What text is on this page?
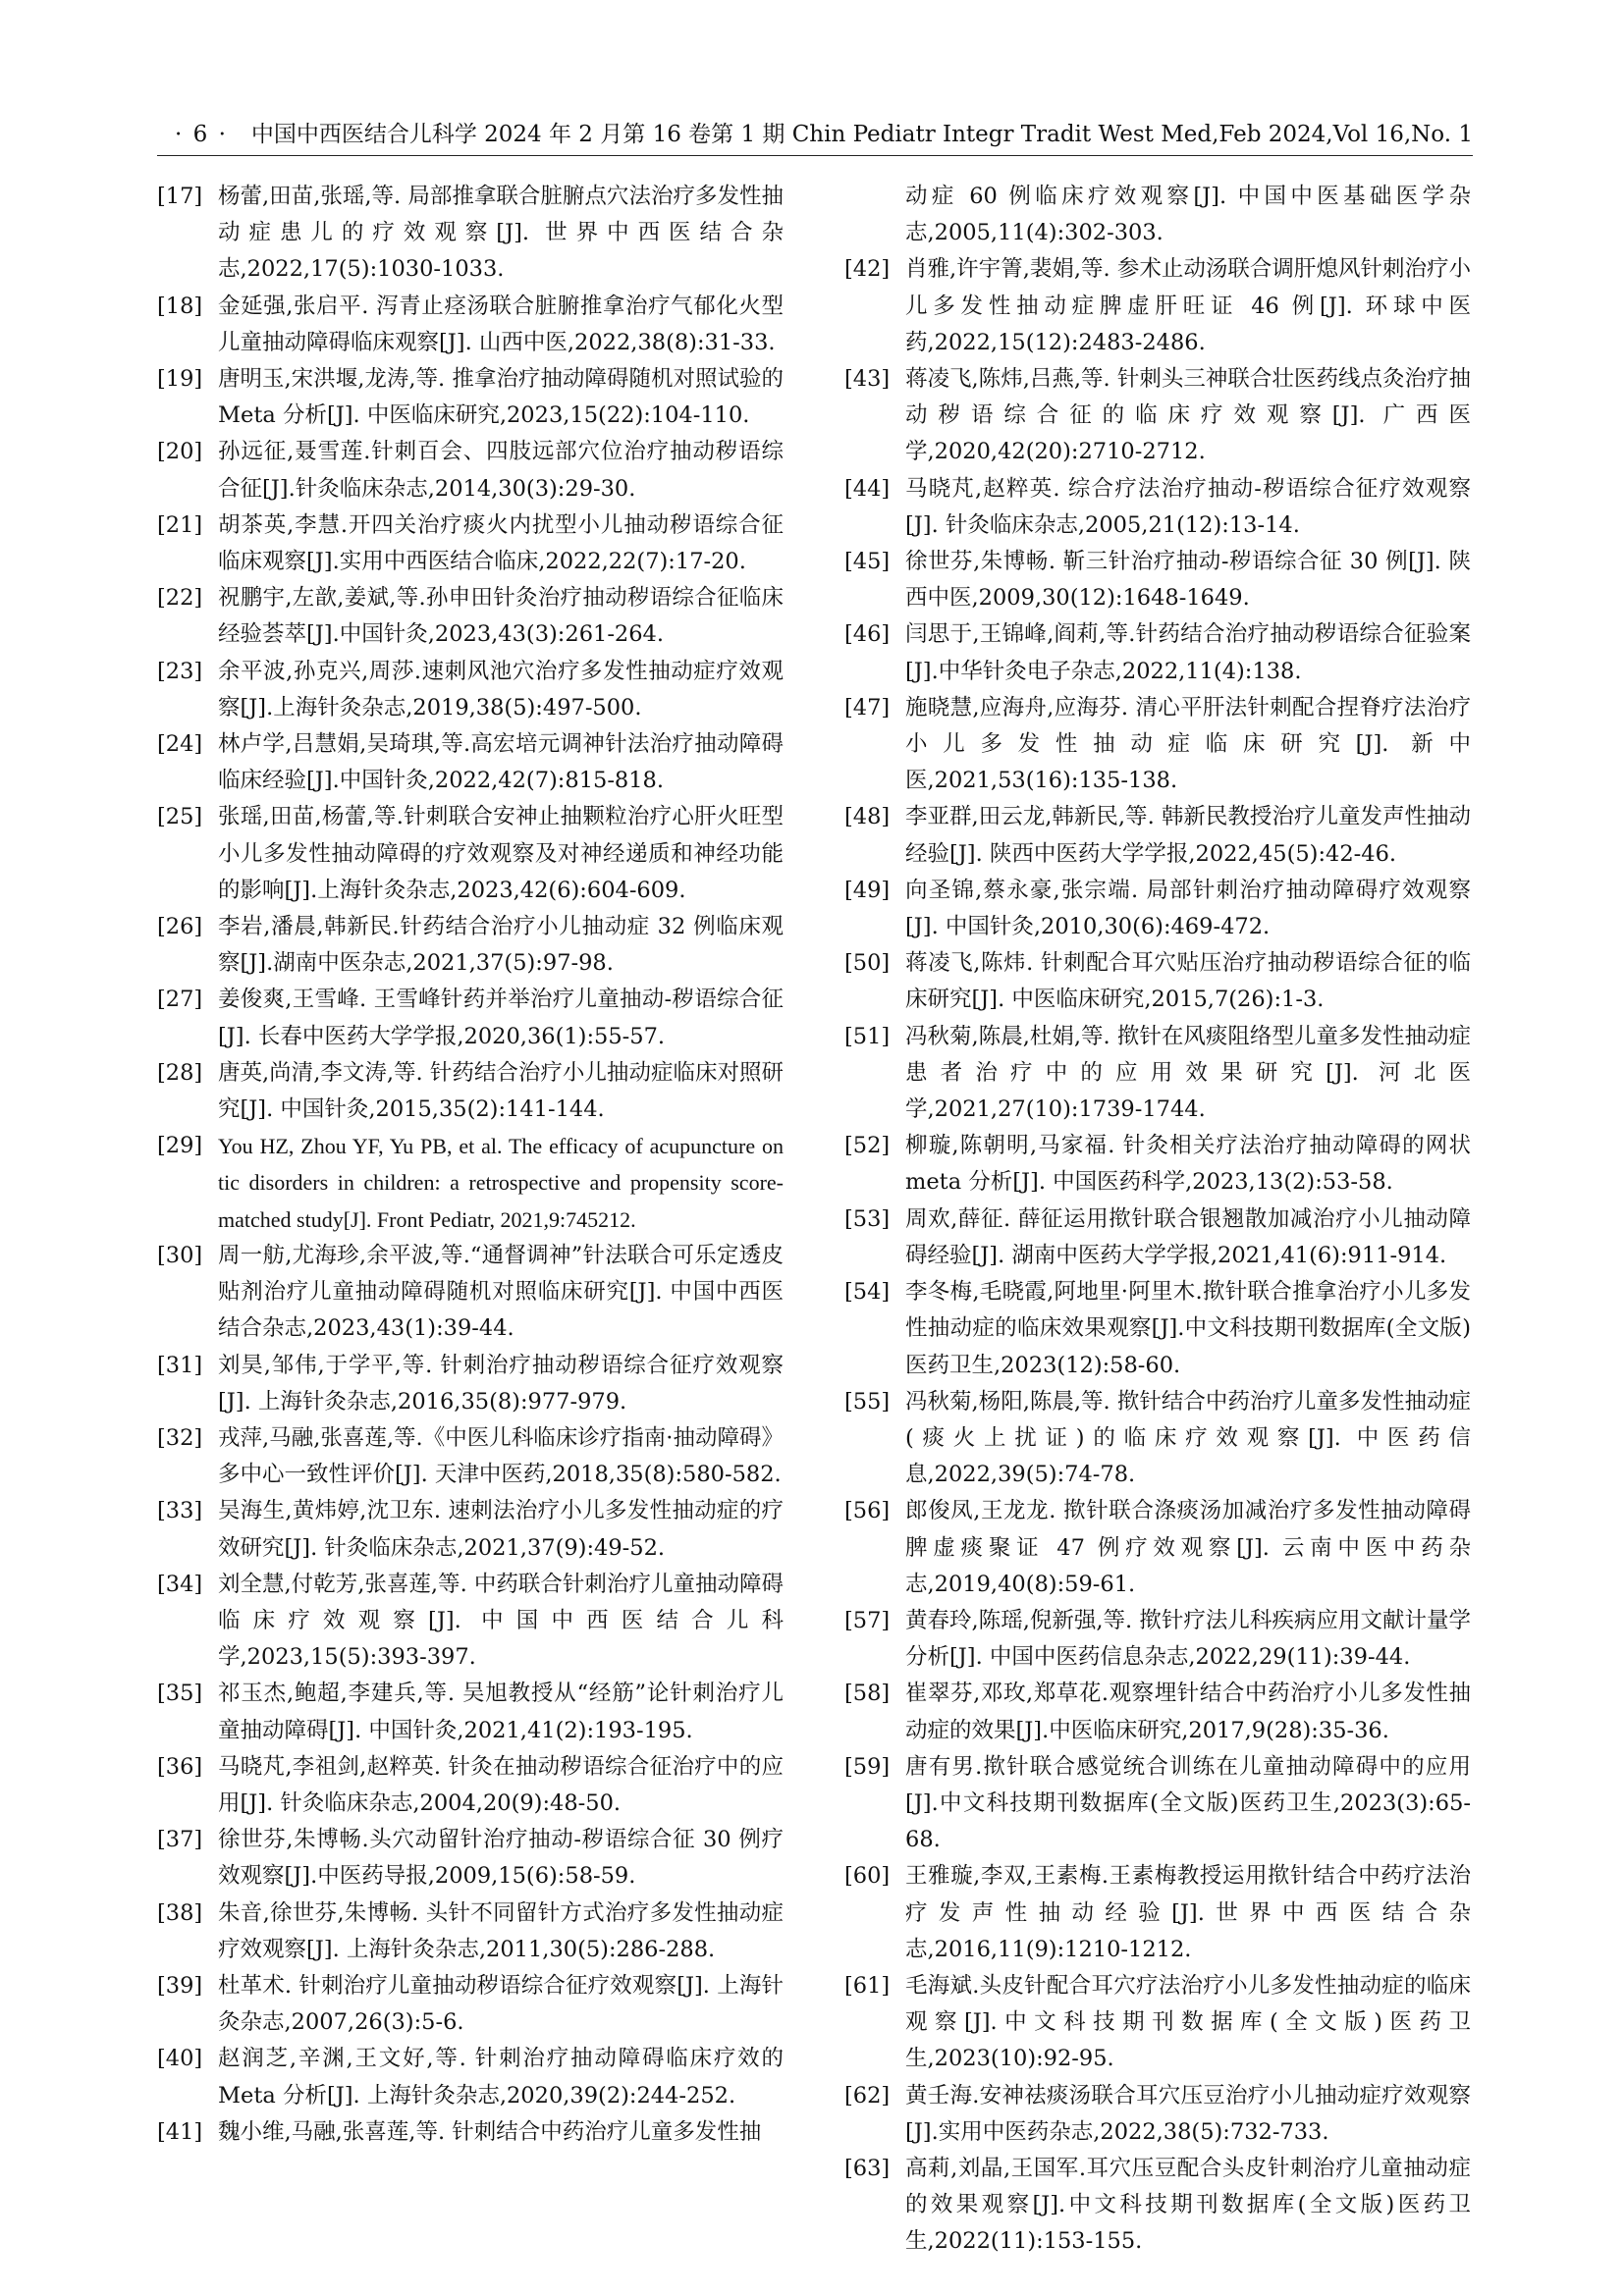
· 6 · 中国中西医结合儿科学 2024 年 2 月第 16 卷第 1 期 Chin Pediatr Integr Tradit West Med,Feb 2024,Vol 16,No. 1
[17] 杨蕾,田苗,张瑶,等. 局部推拿联合脏腑点穴法治疗多发性抽动症患儿的疗效观察[J]. 世界中西医结合杂志,2022,17(5):1030-1033.
[18] 金延强,张启平. 泻青止痉汤联合脏腑推拿治疗气郁化火型儿童抽动障碍临床观察[J]. 山西中医,2022,38(8):31-33.
[19] 唐明玉,宋洪堰,龙涛,等. 推拿治疗抽动障碍随机对照试验的 Meta 分析[J]. 中医临床研究,2023,15(22):104-110.
[20] 孙远征,聂雪莲.针刺百会、四肢远部穴位治疗抽动秽语综合征[J].针灸临床杂志,2014,30(3):29-30.
[21] 胡茶英,李慧.开四关治疗痰火内扰型小儿抽动秽语综合征临床观察[J].实用中西医结合临床,2022,22(7):17-20.
[22] 祝鹏宇,左歆,姜斌,等.孙申田针灸治疗抽动秽语综合征临床经验荟萃[J].中国针灸,2023,43(3):261-264.
[23] 余平波,孙克兴,周莎.速刺风池穴治疗多发性抽动症疗效观察[J].上海针灸杂志,2019,38(5):497-500.
[24] 林卢学,吕慧娟,吴琦琪,等.高宏培元调神针法治疗抽动障碍临床经验[J].中国针灸,2022,42(7):815-818.
[25] 张瑶,田苗,杨蕾,等.针刺联合安神止抽颗粒治疗心肝火旺型小儿多发性抽动障碍的疗效观察及对神经递质和神经功能的影响[J].上海针灸杂志,2023,42(6):604-609.
[26] 李岩,潘晨,韩新民.针药结合治疗小儿抽动症 32 例临床观察[J].湖南中医杂志,2021,37(5):97-98.
[27] 姜俊爽,王雪峰. 王雪峰针药并举治疗儿童抽动-秽语综合征[J]. 长春中医药大学学报,2020,36(1):55-57.
[28] 唐英,尚清,李文涛,等. 针药结合治疗小儿抽动症临床对照研究[J]. 中国针灸,2015,35(2):141-144.
[29] You HZ, Zhou YF, Yu PB, et al. The efficacy of acupuncture on tic disorders in children: a retrospective and propensity score-matched study[J]. Front Pediatr, 2021,9:745212.
[30] 周一舫,尤海珍,余平波,等.“通督调神”针法联合可乐定透皮贴剂治疗儿童抽动障碍随机对照临床研究[J]. 中国中西医结合杂志,2023,43(1):39-44.
[31] 刘昊,邹伟,于学平,等. 针刺治疗抽动秽语综合征疗效观察[J]. 上海针灸杂志,2016,35(8):977-979.
[32] 戎萍,马融,张喜莲,等.《中医儿科临床诊疗指南·抽动障碍》多中心一致性评价[J]. 天津中医药,2018,35(8):580-582.
[33] 吴海生,黄炜婷,沈卫东. 速刺法治疗小儿多发性抽动症的疗效研究[J]. 针灸临床杂志,2021,37(9):49-52.
[34] 刘全慧,付乾芳,张喜莲,等. 中药联合针刺治疗儿童抽动障碍临床疗效观察[J]. 中国中西医结合儿科学,2023,15(5):393-397.
[35] 祁玉杰,鲍超,李建兵,等. 吴旭教授从“经筋”论针刺治疗儿童抽动障碍[J]. 中国针灸,2021,41(2):193-195.
[36] 马晓芃,李祖剑,赵粹英. 针灸在抽动秽语综合征治疗中的应用[J]. 针灸临床杂志,2004,20(9):48-50.
[37] 徐世芬,朱博畅.头穴动留针治疗抽动-秽语综合征 30 例疗效观察[J].中医药导报,2009,15(6):58-59.
[38] 朱音,徐世芬,朱博畅. 头针不同留针方式治疗多发性抽动症疗效观察[J]. 上海针灸杂志,2011,30(5):286-288.
[39] 杜革术. 针刺治疗儿童抽动秽语综合征疗效观察[J]. 上海针灸杂志,2007,26(3):5-6.
[40] 赵润芝,辛渊,王文好,等. 针刺治疗抽动障碍临床疗效的 Meta 分析[J]. 上海针灸杂志,2020,39(2):244-252.
[41] 魏小维,马融,张喜莲,等. 针刺结合中药治疗儿童多发性抽
动症 60 例临床疗效观察[J]. 中国中医基础医学杂志,2005,11(4):302-303.
[42] 肖雅,许宇箐,裴娟,等. 参术止动汤联合调肝熄风针刺治疗小儿多发性抽动症脾虚肝旺证 46 例[J]. 环球中医药,2022,15(12):2483-2486.
[43] 蒋凌飞,陈炜,吕燕,等. 针刺头三神联合壮医药线点灸治疗抽动秽语综合征的临床疗效观察[J]. 广西医学,2020,42(20):2710-2712.
[44] 马晓芃,赵粹英. 综合疗法治疗抽动-秽语综合征疗效观察[J]. 针灸临床杂志,2005,21(12):13-14.
[45] 徐世芬,朱博畅. 靳三针治疗抽动-秽语综合征 30 例[J]. 陕西中医,2009,30(12):1648-1649.
[46] 闫思于,王锦峰,阎莉,等.针药结合治疗抽动秽语综合征验案[J].中华针灸电子杂志,2022,11(4):138.
[47] 施晓慧,应海舟,应海芬. 清心平肝法针刺配合捏脊疗法治疗小儿多发性抽动症临床研究[J]. 新中医,2021,53(16):135-138.
[48] 李亚群,田云龙,韩新民,等. 韩新民教授治疗儿童发声性抽动经验[J]. 陕西中医药大学学报,2022,45(5):42-46.
[49] 向圣锦,蔡永豪,张宗端. 局部针刺治疗抽动障碍疗效观察[J]. 中国针灸,2010,30(6):469-472.
[50] 蒋凌飞,陈炜. 针刺配合耳穴贴压治疗抽动秽语综合征的临床研究[J]. 中医临床研究,2015,7(26):1-3.
[51] 冯秋菊,陈晨,杜娟,等. 揿针在风痰阻络型儿童多发性抽动症患者治疗中的应用效果研究[J]. 河北医学,2021,27(10):1739-1744.
[52] 柳璇,陈朝明,马家福. 针灸相关疗法治疗抽动障碍的网状 meta 分析[J]. 中国医药科学,2023,13(2):53-58.
[53] 周欢,薛征. 薛征运用揿针联合银翘散加减治疗小儿抽动障碍经验[J]. 湖南中医药大学学报,2021,41(6):911-914.
[54] 李冬梅,毛晓霞,阿地里·阿里木.揿针联合推拿治疗小儿多发性抽动症的临床效果观察[J].中文科技期刊数据库(全文版)医药卫生,2023(12):58-60.
[55] 冯秋菊,杨阳,陈晨,等. 揿针结合中药治疗儿童多发性抽动症(痰火上扰证)的临床疗效观察[J]. 中医药信息,2022,39(5):74-78.
[56] 郎俊凤,王龙龙. 揿针联合涤痰汤加减治疗多发性抽动障碍脾虚痰聚证 47 例疗效观察[J]. 云南中医中药杂志,2019,40(8):59-61.
[57] 黄春玲,陈瑶,倪新强,等. 揿针疗法儿科疾病应用文献计量学分析[J]. 中国中医药信息杂志,2022,29(11):39-44.
[58] 崔翠芬,邓玫,郑草花.观察埋针结合中药治疗小儿多发性抽动症的效果[J].中医临床研究,2017,9(28):35-36.
[59] 唐有男.揿针联合感觉统合训练在儿童抽动障碍中的应用[J].中文科技期刊数据库(全文版)医药卫生,2023(3):65-68.
[60] 王雅璇,李双,王素梅.王素梅教授运用揿针结合中药疗法治疗发声性抽动经验[J].世界中西医结合杂志,2016,11(9):1210-1212.
[61] 毛海斌.头皮针配合耳穴疗法治疗小儿多发性抽动症的临床观察[J].中文科技期刊数据库(全文版)医药卫生,2023(10):92-95.
[62] 黄壬海.安神祛痰汤联合耳穴压豆治疗小儿抽动症疗效观察[J].实用中医药杂志,2022,38(5):732-733.
[63] 高莉,刘晶,王国军.耳穴压豆配合头皮针刺治疗儿童抽动症的效果观察[J].中文科技期刊数据库(全文版)医药卫生,2022(11):153-155.
